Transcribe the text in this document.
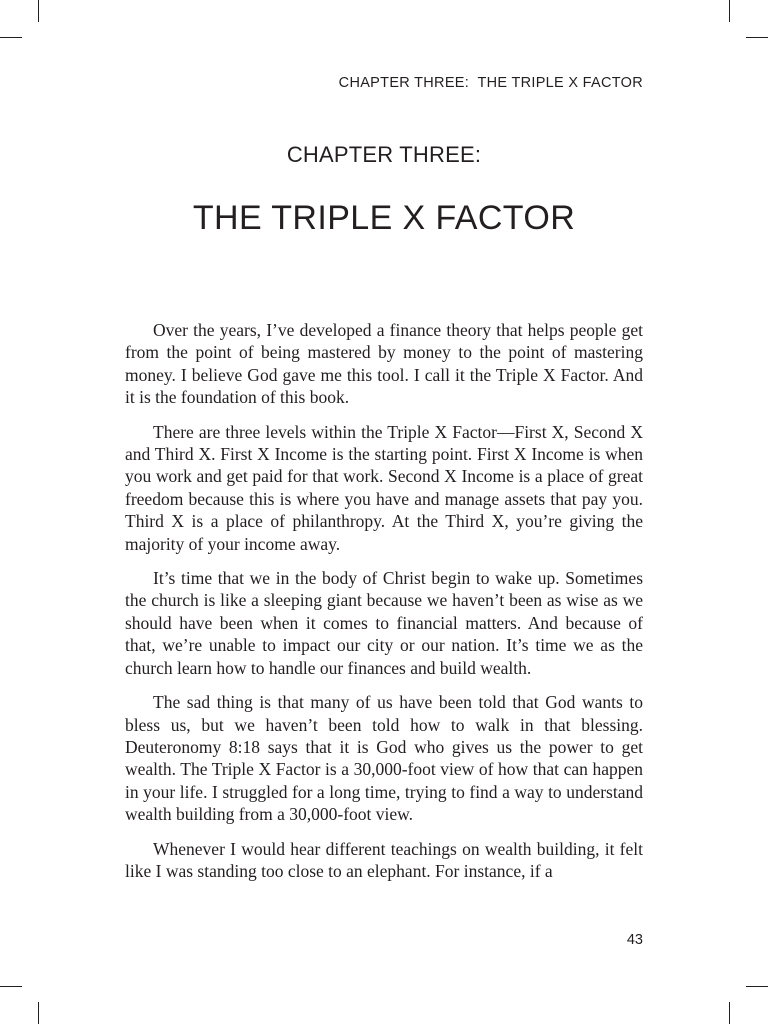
CHAPTER THREE:  THE TRIPLE X FACTOR
CHAPTER THREE:
THE TRIPLE X FACTOR

Over the years, I’ve developed a finance theory that helps people get from the point of being mastered by money to the point of mastering money. I believe God gave me this tool. I call it the Triple X Factor. And it is the foundation of this book.

There are three levels within the Triple X Factor—First X, Second X and Third X. First X Income is the starting point. First X Income is when you work and get paid for that work. Second X Income is a place of great freedom because this is where you have and manage assets that pay you. Third X is a place of philanthropy. At the Third X, you’re giving the majority of your income away.

It’s time that we in the body of Christ begin to wake up. Sometimes the church is like a sleeping giant because we haven’t been as wise as we should have been when it comes to financial matters. And because of that, we’re unable to impact our city or our nation. It’s time we as the church learn how to handle our finances and build wealth.

The sad thing is that many of us have been told that God wants to bless us, but we haven’t been told how to walk in that blessing. Deuteronomy 8:18 says that it is God who gives us the power to get wealth. The Triple X Factor is a 30,000-foot view of how that can happen in your life. I struggled for a long time, trying to find a way to understand wealth building from a 30,000-foot view.

Whenever I would hear different teachings on wealth building, it felt like I was standing too close to an elephant. For instance, if a

43
